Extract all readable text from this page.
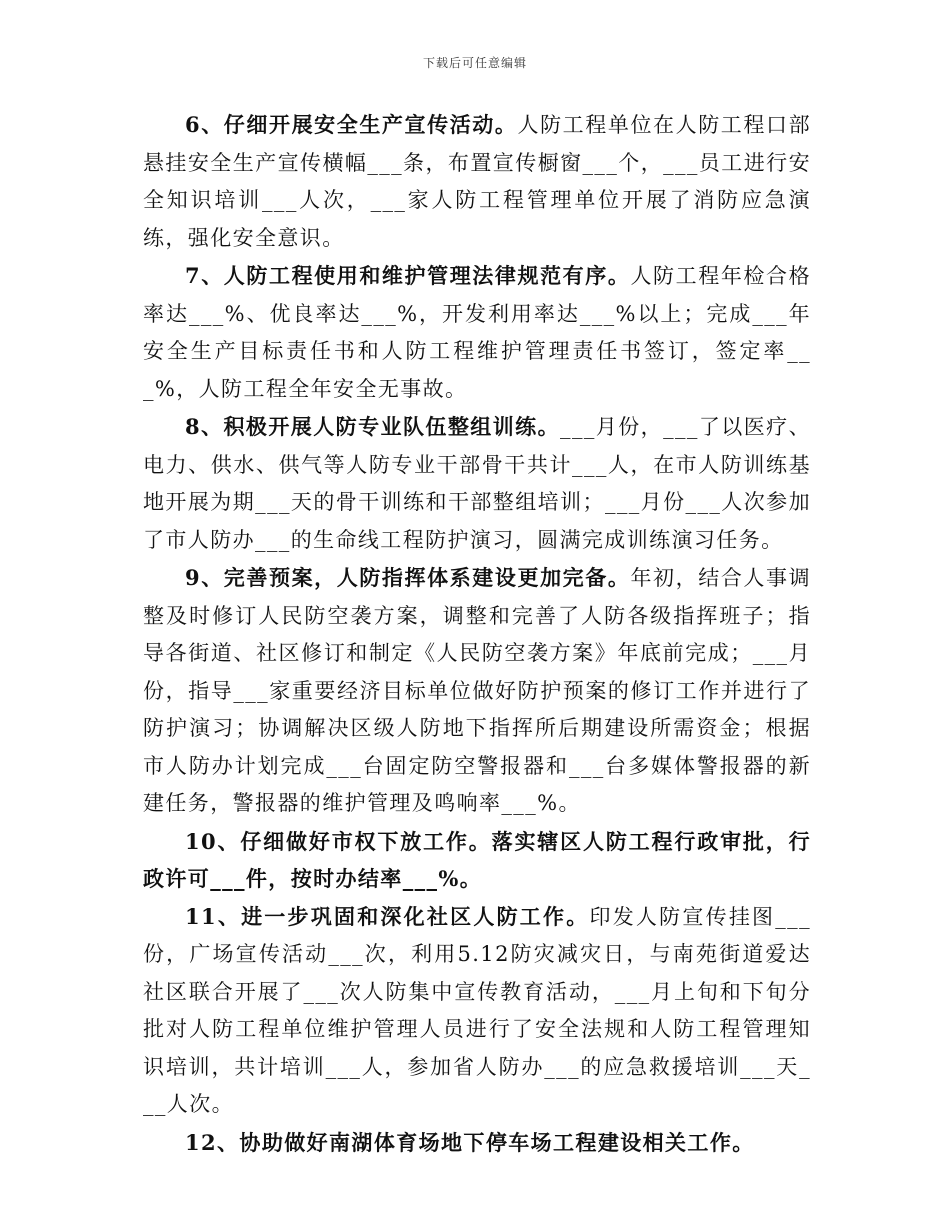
下载后可任意编辑

6、仔细开展安全生产宣传活动。人防工程单位在人防工程口部悬挂安全生产宣传横幅___条，布置宣传橱窗___个，___员工进行安全知识培训___人次，___家人防工程管理单位开展了消防应急演练，强化安全意识。

7、人防工程使用和维护管理法律规范有序。人防工程年检合格率达___%、优良率达___%，开发利用率达___%以上；完成___年安全生产目标责任书和人防工程维护管理责任书签订，签定率___%，人防工程全年安全无事故。

8、积极开展人防专业队伍整组训练。___月份，___了以医疗、电力、供水、供气等人防专业干部骨干共计___人，在市人防训练基地开展为期___天的骨干训练和干部整组培训；___月份___人次参加了市人防办___的生命线工程防护演习，圆满完成训练演习任务。

9、完善预案，人防指挥体系建设更加完备。年初，结合人事调整及时修订人民防空袭方案，调整和完善了人防各级指挥班子；指导各街道、社区修订和制定《人民防空袭方案》年底前完成；___月份，指导___家重要经济目标单位做好防护预案的修订工作并进行了防护演习；协调解决区级人防地下指挥所后期建设所需资金；根据市人防办计划完成___台固定防空警报器和___台多媒体警报器的新建任务，警报器的维护管理及鸣响率___%。

10、仔细做好市权下放工作。落实辖区人防工程行政审批，行政许可___件，按时办结率___%。

11、进一步巩固和深化社区人防工作。印发人防宣传挂图___份，广场宣传活动___次，利用5.12防灾减灾日，与南苑街道爱达社区联合开展了___次人防集中宣传教育活动，___月上旬和下旬分批对人防工程单位维护管理人员进行了安全法规和人防工程管理知识培训，共计培训___人，参加省人防办___的应急救援培训___天___人次。

12、协助做好南湖体育场地下停车场工程建设相关工作。
